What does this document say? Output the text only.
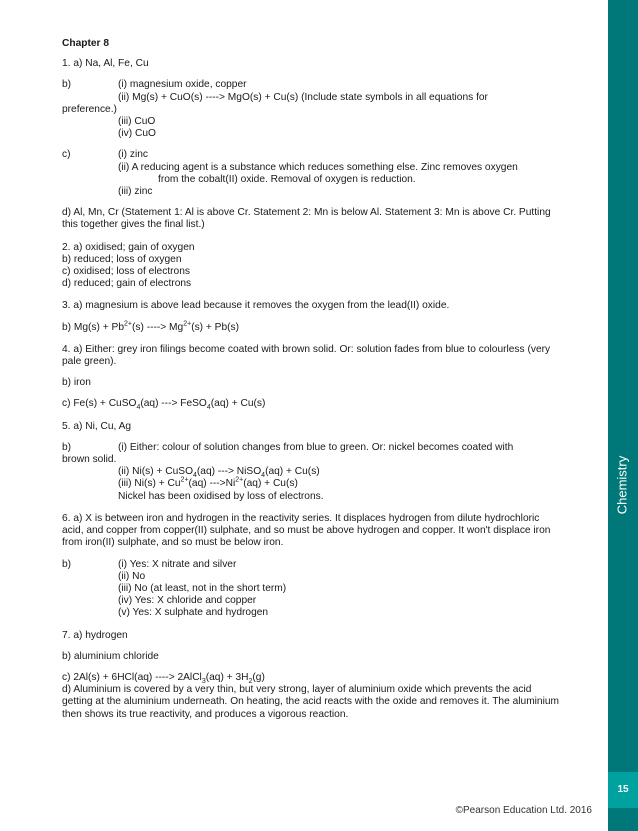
Chemistry
15
©Pearson Education Ltd. 2016
Chapter 8
1. a) Na, Al, Fe, Cu
b)	(i) magnesium oxide, copper
(ii) Mg(s) + CuO(s) ----> MgO(s) + Cu(s) (Include state symbols in all equations for
preference.)
(iii) CuO
(iv) CuO
c)	(i) zinc
(ii) A reducing agent is a substance which reduces something else. Zinc removes oxygen
from the cobalt(II) oxide. Removal of oxygen is reduction.
(iii) zinc
d) Al, Mn, Cr (Statement 1: Al is above Cr. Statement 2: Mn is below Al. Statement 3: Mn is above Cr. Putting this together gives the final list.)
2. a) oxidised; gain of oxygen
b) reduced; loss of oxygen
c) oxidised; loss of electrons
d) reduced; gain of electrons
3. a) magnesium is above lead because it removes the oxygen from the lead(II) oxide.
b) $Mg(s) + Pb^{2+}(s)$ ----> $Mg^{2+}(s) + Pb(s)$
4. a) Either: grey iron filings become coated with brown solid. Or: solution fades from blue to colourless (very pale green).
b) iron
c) Fe(s) + CuSO$_4$(aq) ---> FeSO$_4$(aq) + Cu(s)
5. a) Ni, Cu, Ag
b)	(i) Either: colour of solution changes from blue to green. Or: nickel becomes coated with
brown solid.
(ii) Ni(s) + CuSO$_4$(aq) ---> NiSO$_4$(aq) + Cu(s)
(iii) $Ni(s) + Cu^{2+}(aq) --->Ni^{2+}(aq) + Cu(s)$
Nickel has been oxidised by loss of electrons.
6. a) X is between iron and hydrogen in the reactivity series. It displaces hydrogen from dilute hydrochloric acid, and copper from copper(II) sulphate, and so must be above hydrogen and copper. It won't displace iron from iron(II) sulphate, and so must be below iron.
b)	(i) Yes: X nitrate and silver
(ii) No
(iii) No (at least, not in the short term)
(iv) Yes: X chloride and copper
(v) Yes: X sulphate and hydrogen
7. a) hydrogen
b) aluminium chloride
c) 2Al(s) + 6HCl(aq) ----> 2AlCl$_3$(aq) + $3H_2(g)$
d) Aluminium is covered by a very thin, but very strong, layer of aluminium oxide which prevents the acid getting at the aluminium underneath. On heating, the acid reacts with the oxide and removes it. The aluminium then shows its true reactivity, and produces a vigorous reaction.
